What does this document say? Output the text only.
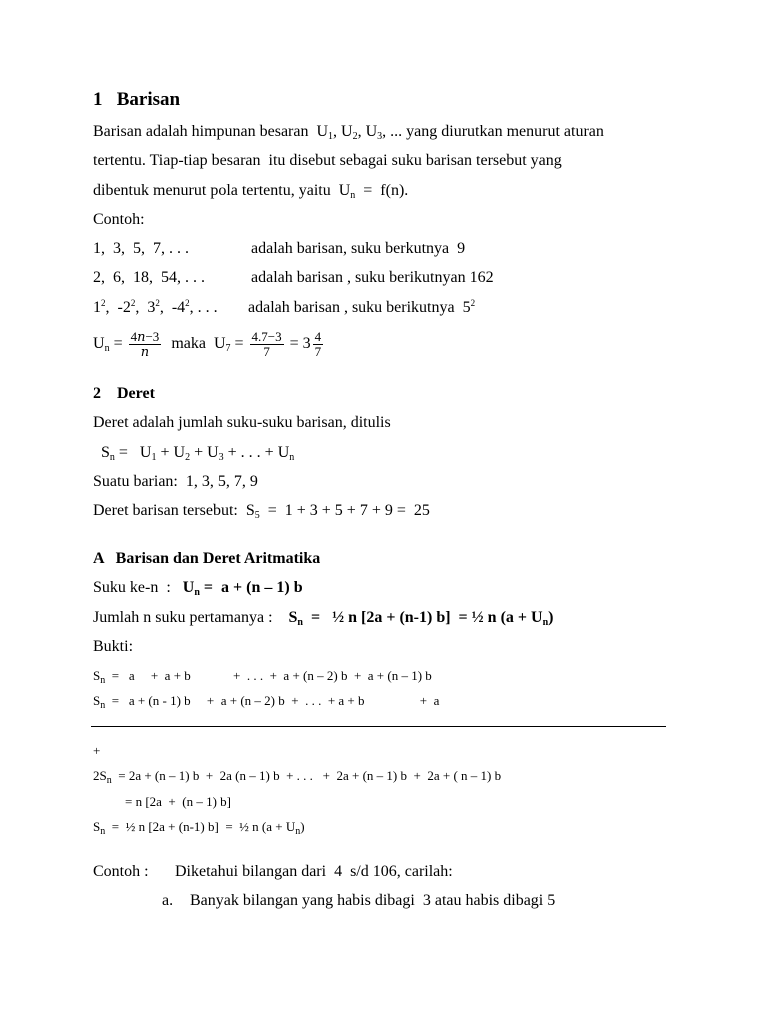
1 Barisan
Barisan adalah himpunan besaran  $U_1$, $U_2$, $U_3$, ... yang diurutkan menurut aturan
tertentu. Tiap-tiap besaran  itu disebut sebagai suku barisan tersebut yang
dibentuk menurut pola tertentu, yaitu  $U_n = f(n)$.
Contoh:
1,  3,  5,  7, . . .	adalah barisan, suku berkutnya  9
2,  6,  18,  54, . . .	adalah barisan , suku berikutnyan 162
$1^2$,  $-2^2$,  $3^2$,  $-4^2$, . . . adalah barisan , suku berikutnya  $5^2$
$U_n = \frac{\text{4𝑛−3}}{\text{𝑛}}$ maka  $U_7 = \frac{4.7-3}{7} = 3 \frac{4}{7}$
2 Deret
Deret adalah jumlah suku-suku barisan, ditulis
$S_n = U_1 + U_2 + U_3$ + . . . + $U_n$
Suatu barian:  1, 3, 5, 7, 9
Deret barisan tersebut:  $S_5 = 1 + 3 + 5 + 7 + 9 = 25$
A Barisan dan Deret Aritmatika
Suku ke-n  :   $U_n = a + (n - 1)$ b
Jumlah n suku pertamanya :    $S_n$  =   ½ n [2a + (n-1) b]  = ½ n $(a + U_n)$
Bukti:
$S_n = a$     +  a + b             +  . . .  +  a + (n – 2) b  +  a + (n – 1) b
$S_n = a + (n - 1)$ b     +  a + (n – 2) b  +  . . .  + a + b                 +  a
+
$2S_n = 2a + (n - 1) b + 2a$ (n – 1) b  + . . .   +  2a + (n – 1) b  +  2a + ( n – 1) b
= n [2a  +  (n – 1) b]
$S_n$  =  ½ n [2a + (n-1) b]  =  ½ n $(a + U_n)$
Contoh : Diketahui bilangan dari  4  s/d 106, carilah:
a. Banyak bilangan yang habis dibagi  3 atau habis dibagi 5
